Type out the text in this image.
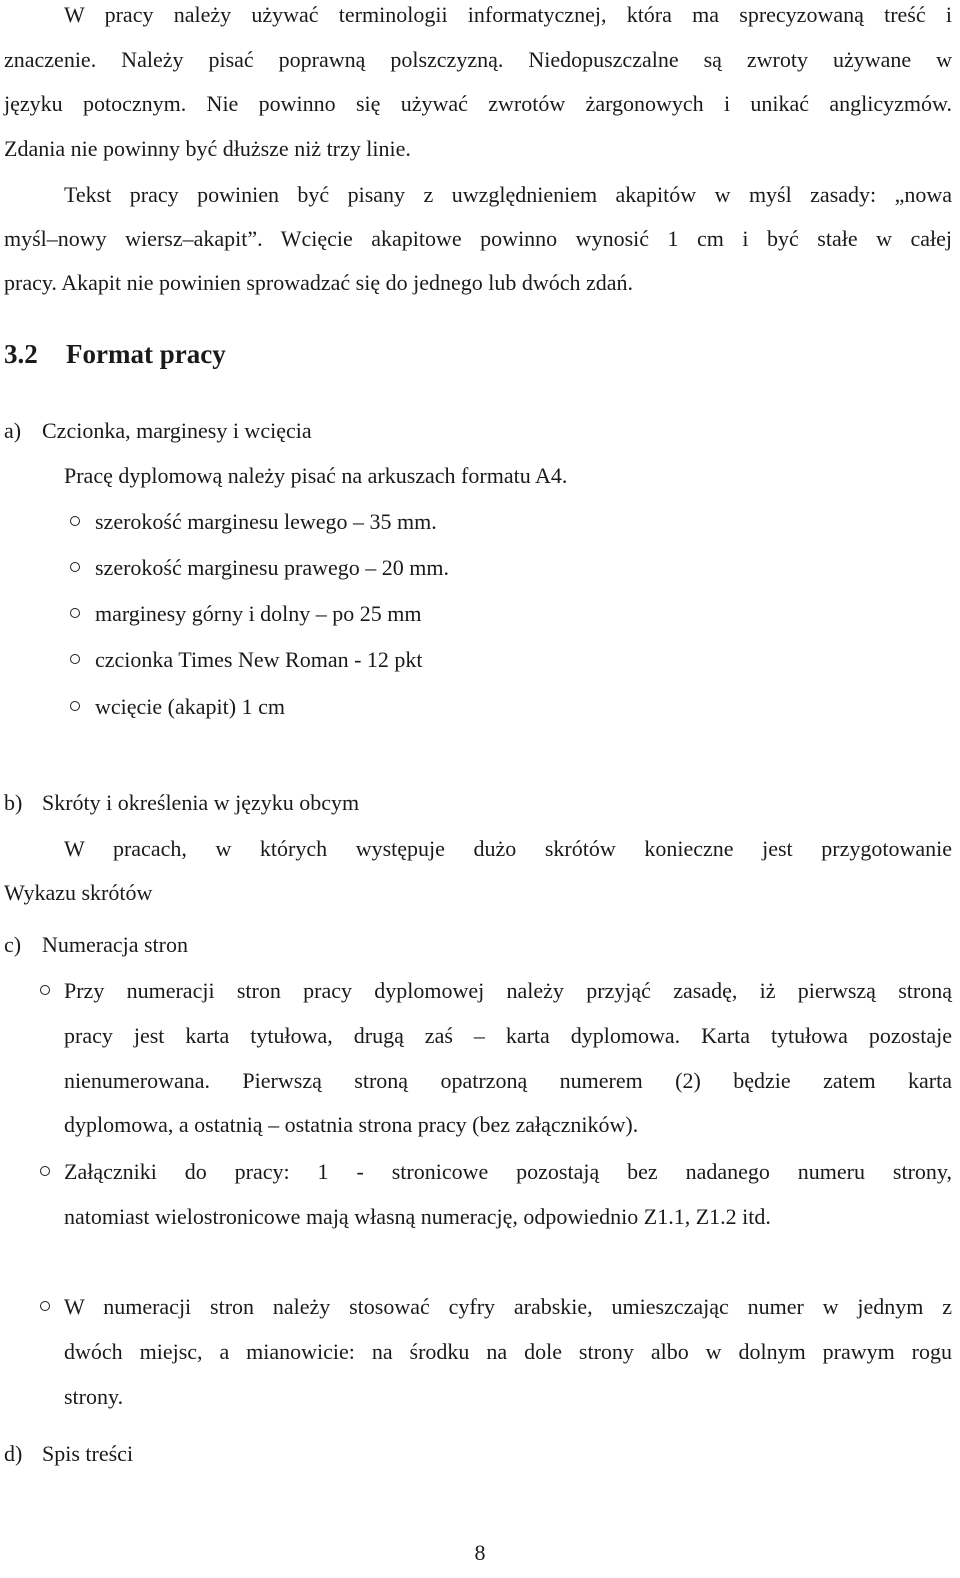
W pracy należy używać terminologii informatycznej, która ma sprecyzowaną treść i
znaczenie. Należy pisać poprawną polszczyzną. Niedopuszczalne są zwroty używane w
języku potocznym. Nie powinno się używać zwrotów żargonowych i unikać anglicyzmów.
Zdania nie powinny być dłuższe niż trzy linie.
Tekst pracy powinien być pisany z uwzględnieniem akapitów w myśl zasady: „nowa
myśl–nowy wiersz–akapit”. Wcięcie akapitowe powinno wynosić 1 cm i być stałe w całej
pracy. Akapit nie powinien sprowadzać się do jednego lub dwóch zdań.
3.2 Format pracy
a) Czcionka, marginesy i wcięcia
Pracę dyplomową należy pisać na arkuszach formatu A4.
szerokość marginesu lewego – 35 mm.
szerokość marginesu prawego – 20 mm.
marginesy górny i dolny – po 25 mm
czcionka Times New Roman - 12 pkt
wcięcie (akapit) 1 cm
b) Skróty i określenia w języku obcym
W pracach, w których występuje dużo skrótów konieczne jest przygotowanie
Wykazu skrótów
c) Numeracja stron
Przy numeracji stron pracy dyplomowej należy przyjąć zasadę, iż pierwszą stroną
pracy jest karta tytułowa, drugą zaś – karta dyplomowa. Karta tytułowa pozostaje
nienumerowana. Pierwszą stroną opatrzoną numerem (2) będzie zatem karta
dyplomowa, a ostatnią – ostatnia strona pracy (bez załączników).
Załączniki do pracy: 1 - stronicowe pozostają bez nadanego numeru strony,
natomiast wielostronicowe mają własną numerację, odpowiednio Z1.1, Z1.2 itd.
W numeracji stron należy stosować cyfry arabskie, umieszczając numer w jednym z
dwóch miejsc, a mianowicie: na środku na dole strony albo w dolnym prawym rogu
strony.
d) Spis treści
8
